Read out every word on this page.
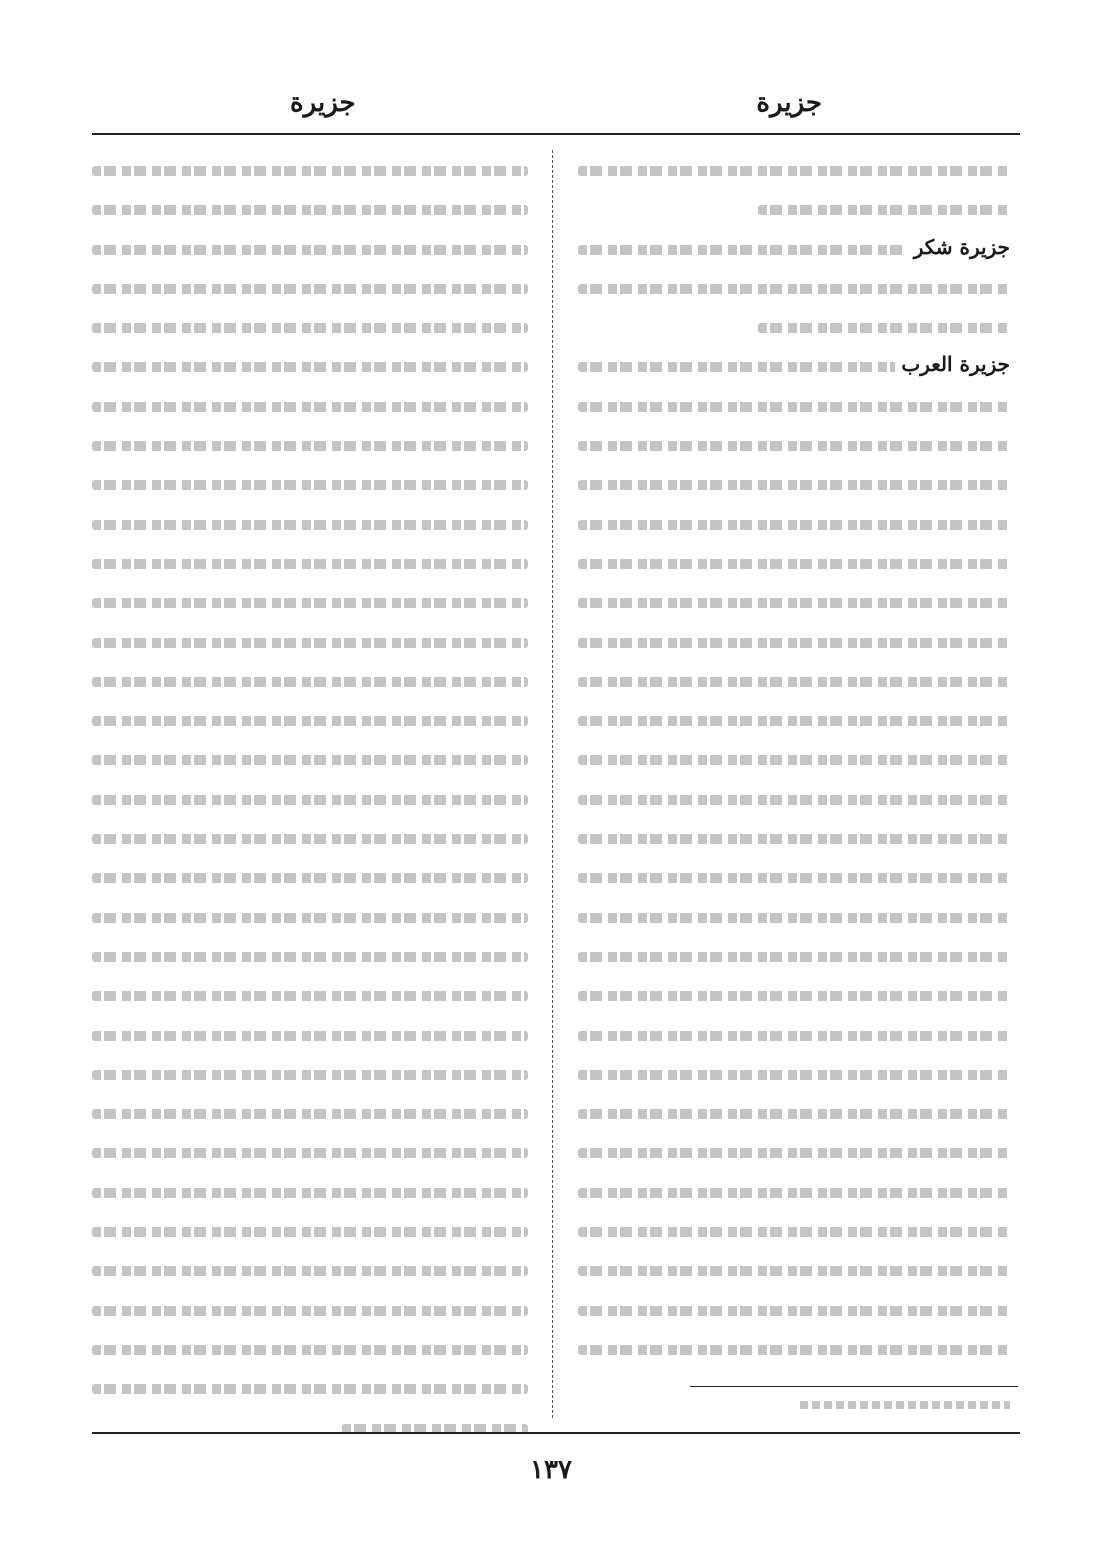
جزيرة
جزيرة
جزيرة شكر
جزيرة العرب
١٣٧
